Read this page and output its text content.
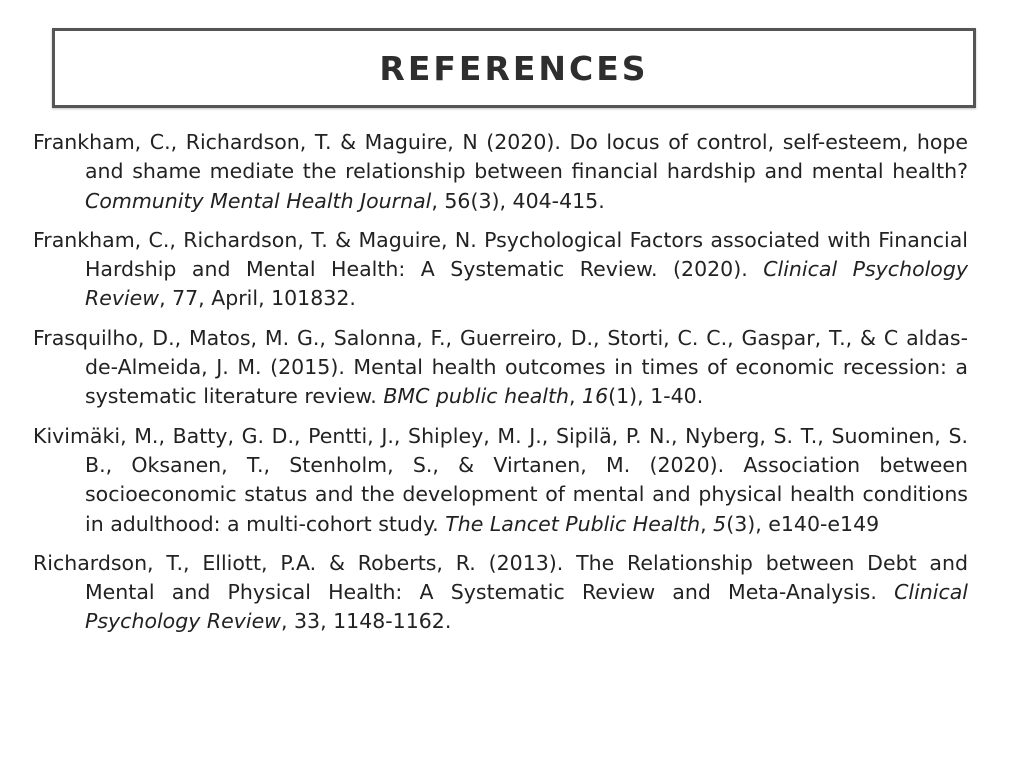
REFERENCES

Frankham, C., Richardson, T. & Maguire, N (2020). Do locus of control, self-esteem, hope and shame mediate the relationship between financial hardship and mental health? Community Mental Health Journal, 56(3), 404-415.

Frankham, C., Richardson, T. & Maguire, N. Psychological Factors associated with Financial Hardship and Mental Health: A Systematic Review. (2020). Clinical Psychology Review, 77, April, 101832.

Frasquilho, D., Matos, M. G., Salonna, F., Guerreiro, D., Storti, C. C., Gaspar, T., & C aldas-de-Almeida, J. M. (2015). Mental health outcomes in times of economic recession: a systematic literature review. BMC public health, 16(1), 1-40.

Kivimäki, M., Batty, G. D., Pentti, J., Shipley, M. J., Sipilä, P. N., Nyberg, S. T., Suominen, S. B., Oksanen, T., Stenholm, S., & Virtanen, M. (2020). Association between socioeconomic status and the development of mental and physical health conditions in adulthood: a multi-cohort study. The Lancet Public Health, 5(3), e140-e149

Richardson, T., Elliott, P.A. & Roberts, R. (2013). The Relationship between Debt and Mental and Physical Health: A Systematic Review and Meta-Analysis. Clinical Psychology Review, 33, 1148-1162.
